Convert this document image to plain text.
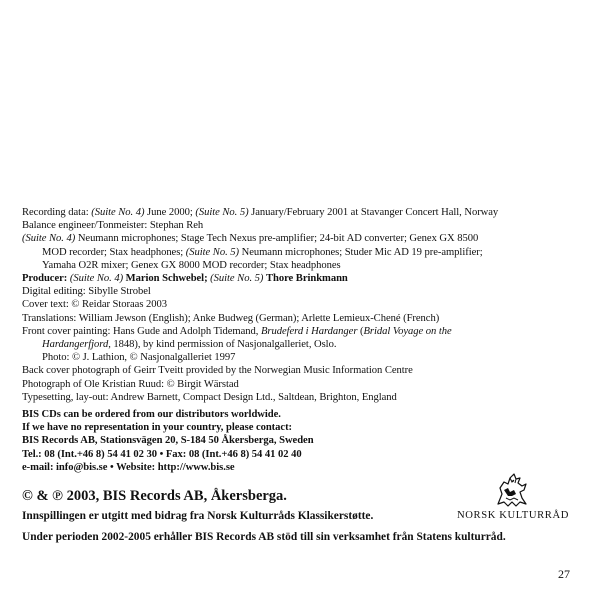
Recording data: (Suite No. 4) June 2000; (Suite No. 5) January/February 2001 at Stavanger Concert Hall, Norway
Balance engineer/Tonmeister: Stephan Reh
(Suite No. 4) Neumann microphones; Stage Tech Nexus pre-amplifier; 24-bit AD converter; Genex GX 8500
MOD recorder; Stax headphones; (Suite No. 5) Neumann microphones; Studer Mic AD 19 pre-amplifier;
Yamaha O2R mixer; Genex GX 8000 MOD recorder; Stax headphones
Producer: (Suite No. 4) Marion Schwebel; (Suite No. 5) Thore Brinkmann
Digital editing: Sibylle Strobel
Cover text: © Reidar Storaas 2003
Translations: William Jewson (English); Anke Budweg (German); Arlette Lemieux-Chené (French)
Front cover painting: Hans Gude and Adolph Tidemand, Brudeferd i Hardanger (Bridal Voyage on the
Hardangerfjord, 1848), by kind permission of Nasjonalgalleriet, Oslo.
Photo: © J. Lathion, © Nasjonalgalleriet 1997
Back cover photograph of Geirr Tveitt provided by the Norwegian Music Information Centre
Photograph of Ole Kristian Ruud: © Birgit Wärstad
Typesetting, lay-out: Andrew Barnett, Compact Design Ltd., Saltdean, Brighton, England
BIS CDs can be ordered from our distributors worldwide.
If we have no representation in your country, please contact:
BIS Records AB, Stationsvägen 20, S-184 50 Åkersberga, Sweden
Tel.: 08 (Int.+46 8) 54 41 02 30 • Fax: 08 (Int.+46 8) 54 41 02 40
e-mail: info@bis.se • Website: http://www.bis.se
© & ℗ 2003, BIS Records AB, Åkersberga.
Innspillingen er utgitt med bidrag fra Norsk Kulturråds Klassikerstøtte.
Under perioden 2002-2005 erhåller BIS Records AB stöd till sin verksamhet från Statens kulturråd.
NORSK KULTURRÅD
27
